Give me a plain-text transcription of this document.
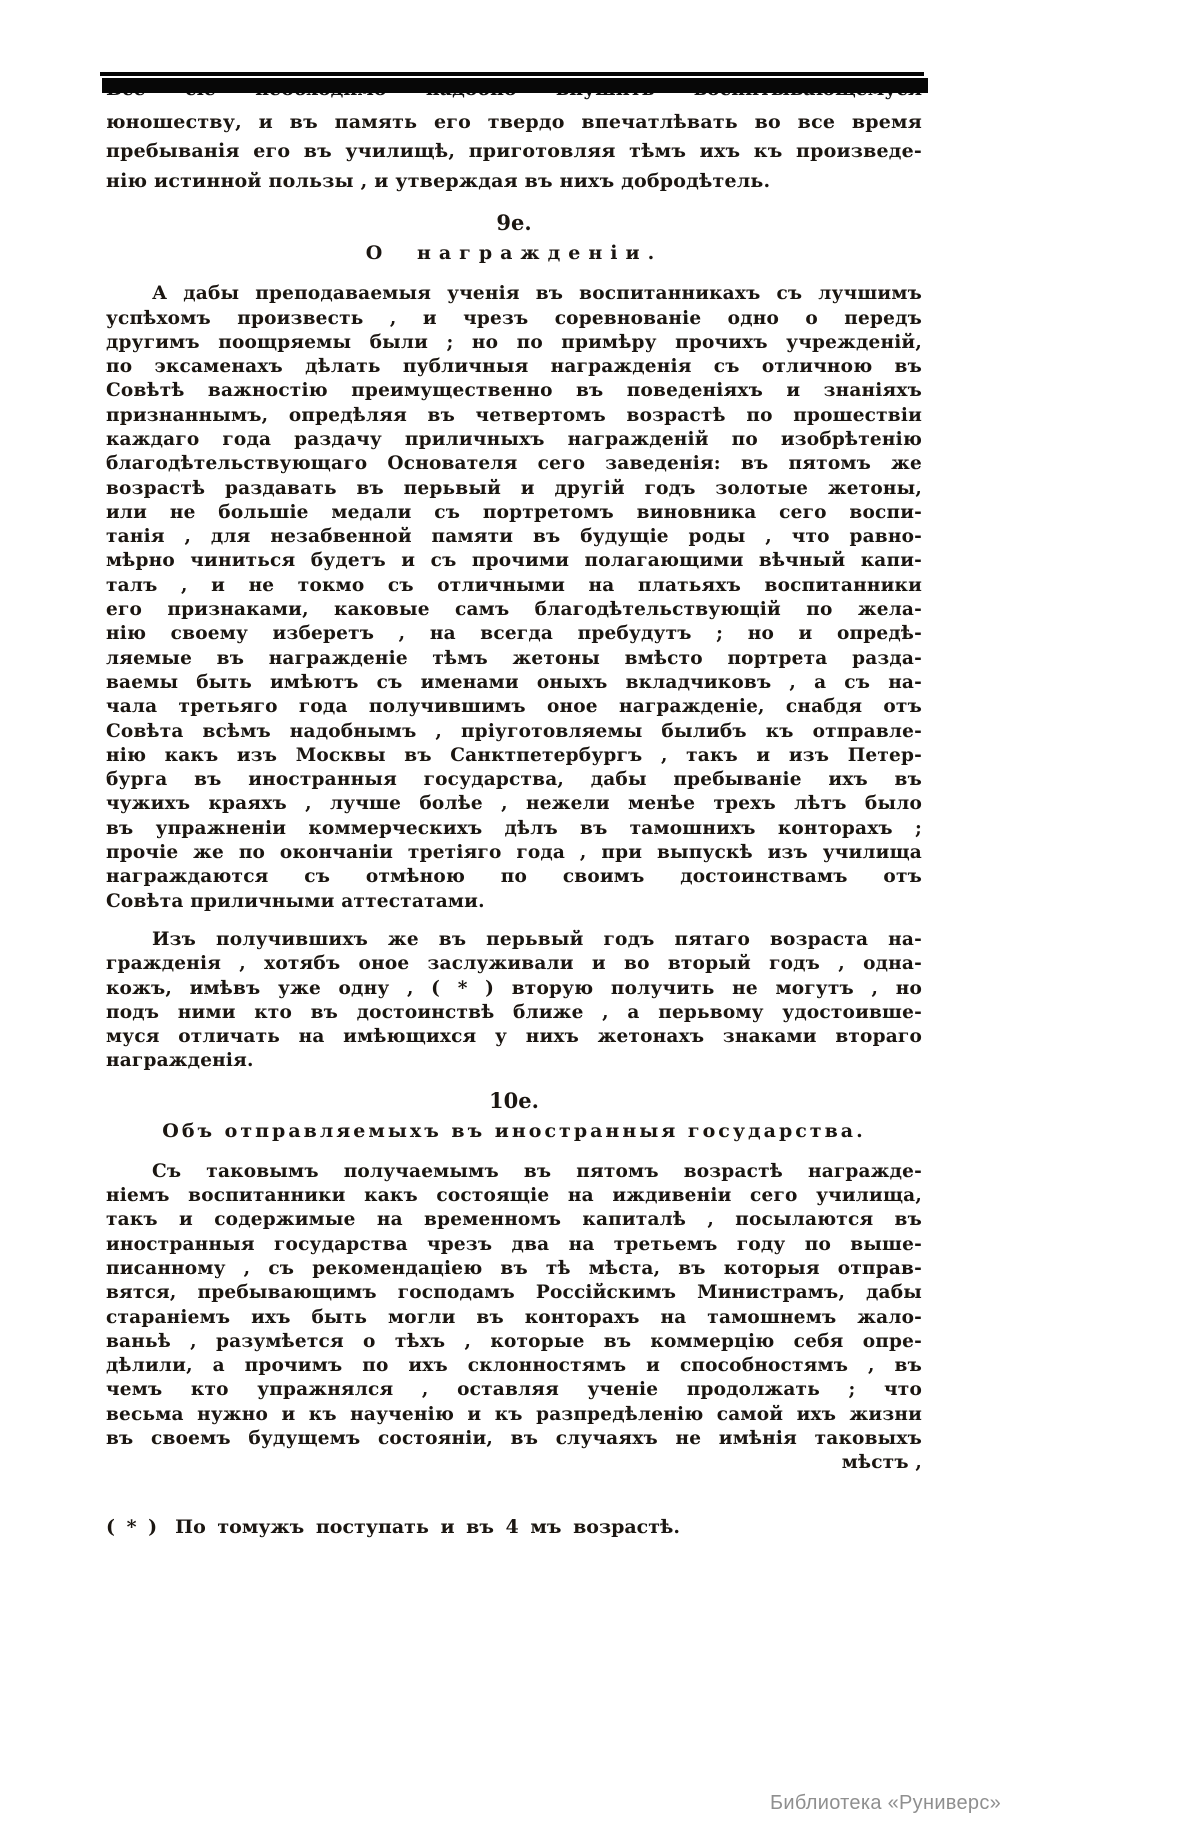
юношеству, и въ память его твердо впечатлѣвать во все время
пребыванія его въ училищѣ, приготовляя тѣмъ ихъ къ произведе-
нію истинной пользы , и утверждая въ нихъ добродѣтель.
9е.
О награжденіи.
А дабы преподаваемыя ученія въ воспитанникахъ съ лучшимъ
успѣхомъ произвесть , и чрезъ соревнованіе одно о передъ
другимъ поощряемы были ; но по примѣру прочихъ учрежденій,
по эксаменахъ дѣлать публичныя награжденія съ отличною въ
Совѣтѣ важностію преимущественно въ поведеніяхъ и знаніяхъ
признаннымъ, опредѣляя въ четвертомъ возрастѣ по прошествіи
каждаго года раздачу приличныхъ награжденій по изобрѣтенію
благодѣтельствующаго Основателя сего заведенія: въ пятомъ же
возрастѣ раздавать въ перьвый и другій годъ золотые жетоны,
или не большіе медали съ портретомъ виновника сего воспи-
танія , для незабвенной памяти въ будущіе роды , что равно-
мѣрно чиниться будетъ и съ прочими полагающими вѣчный капи-
талъ , и не токмо съ отличными на платьяхъ воспитанники
его признаками, каковые самъ благодѣтельствующій по жела-
нію своему изберетъ , на всегда пребудутъ ; но и опредѣ-
ляемые въ награжденіе тѣмъ жетоны вмѣсто портрета разда-
ваемы быть имѣютъ съ именами оныхъ вкладчиковъ , а съ на-
чала третьяго года получившимъ оное награжденіе, снабдя отъ
Совѣта всѣмъ надобнымъ , пріуготовляемы былибъ къ отправле-
нію какъ изъ Москвы въ Санктпетербургъ , такъ и изъ Петер-
бурга въ иностранныя государства, дабы пребываніе ихъ въ
чужихъ краяхъ , лучше болѣе , нежели менѣе трехъ лѣтъ было
въ упражненіи коммерческихъ дѣлъ въ тамошнихъ конторахъ ;
прочіе же по окончаніи третіяго года , при выпускѣ изъ училища
награждаются съ отмѣною по своимъ достоинствамъ отъ
Совѣта приличными аттестатами.
Изъ получившихъ же въ перьвый годъ пятаго возраста на-
гражденія , хотябъ оное заслуживали и во вторый годъ , одна-
кожъ, имѣвъ уже одну , ( * ) вторую получить не могутъ , но
подъ ними кто въ достоинствѣ ближе , а перьвому удостоивше-
муся отличать на имѣющихся у нихъ жетонахъ знаками втораго
награжденія.
10е.
Объ отправляемыхъ въ иностранныя государства.
Съ таковымъ получаемымъ въ пятомъ возрастѣ награжде-
ніемъ воспитанники какъ состоящіе на иждивеніи сего училища,
такъ и содержимые на временномъ капиталѣ , посылаются въ
иностранныя государства чрезъ два на третьемъ году по выше-
писанному , съ рекомендаціею въ тѣ мѣста, въ которыя отправ-
вятся, пребывающимъ господамъ Россійскимъ Министрамъ, дабы
стараніемъ ихъ быть могли въ конторахъ на тамошнемъ жало-
ваньѣ , разумѣется о тѣхъ , которые въ коммерцію себя опре-
дѣлили, а прочимъ по ихъ склонностямъ и способностямъ , въ
чемъ кто упражнялся , оставляя ученіе продолжать ; что
весьма нужно и къ наученію и къ разпредѣленію самой ихъ жизни
въ своемъ будущемъ состояніи, въ случаяхъ не имѣнія таковыхъ
мѣстъ ,
( * ) По томужъ поступать и въ 4 мъ возрастѣ.
Библиотека «Руниверс»
